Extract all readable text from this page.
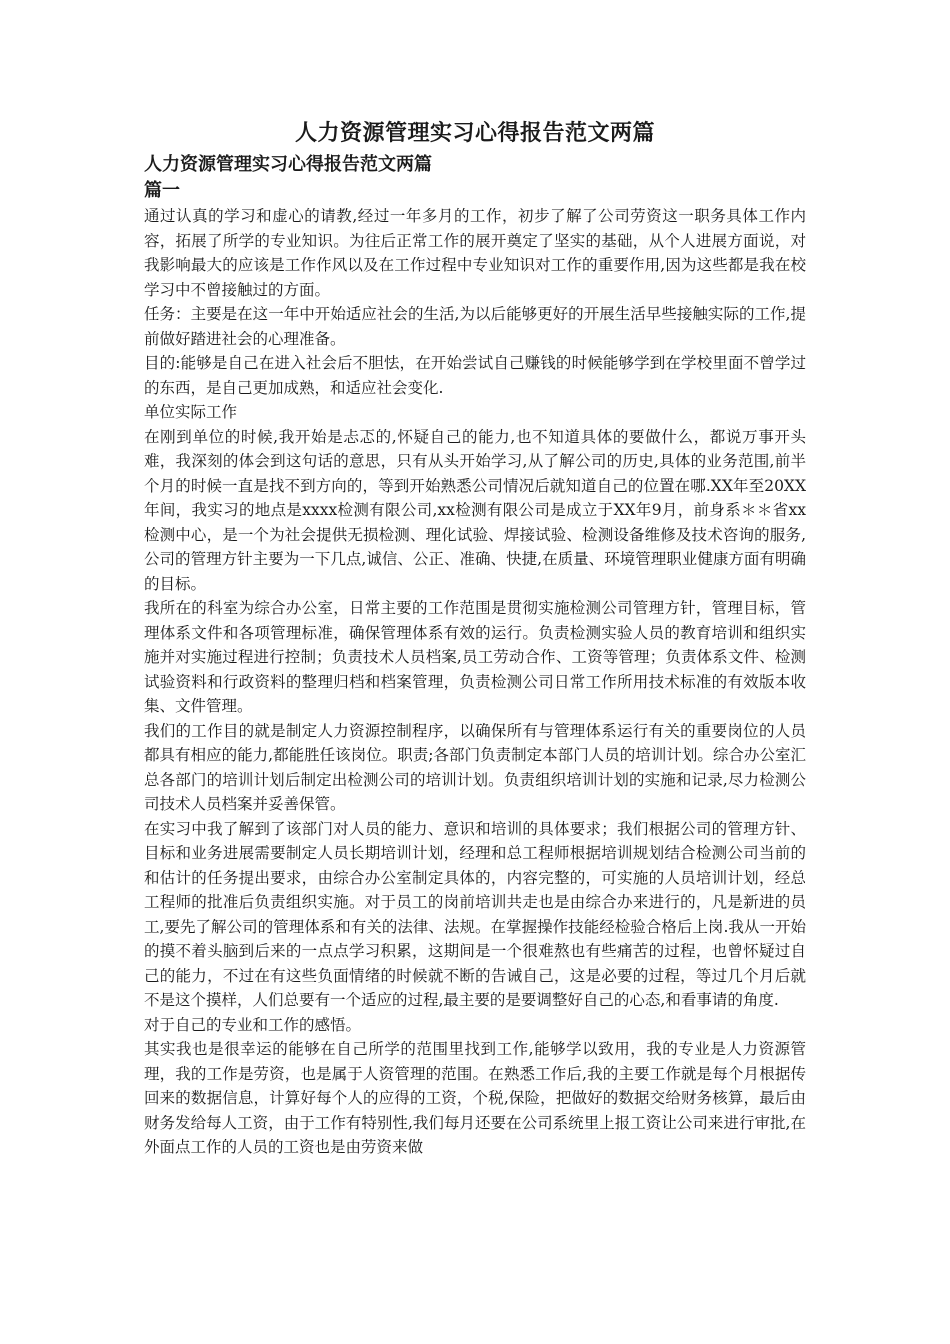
人力资源管理实习心得报告范文两篇
人力资源管理实习心得报告范文两篇
篇一

通过认真的学习和虚心的请教,经过一年多月的工作，初步了解了公司劳资这一职务具体工作内容，拓展了所学的专业知识。为往后正常工作的展开奠定了坚实的基础，从个人进展方面说，对我影响最大的应该是工作作风以及在工作过程中专业知识对工作的重要作用,因为这些都是我在校学习中不曾接触过的方面。

任务：主要是在这一年中开始适应社会的生活,为以后能够更好的开展生活早些接触实际的工作,提前做好踏进社会的心理准备。

目的:能够是自己在进入社会后不胆怯，在开始尝试自己赚钱的时候能够学到在学校里面不曾学过的东西，是自己更加成熟，和适应社会变化.

单位实际工作

在刚到单位的时候,我开始是忐忑的,怀疑自己的能力,也不知道具体的要做什么，都说万事开头难，我深刻的体会到这句话的意思，只有从头开始学习,从了解公司的历史,具体的业务范围,前半个月的时候一直是找不到方向的，等到开始熟悉公司情况后就知道自己的位置在哪.XX年至20XX年间，我实习的地点是xxxx检测有限公司,xx检测有限公司是成立于XX年9月，前身系＊＊省xx检测中心，是一个为社会提供无损检测、理化试验、焊接试验、检测设备维修及技术咨询的服务,公司的管理方针主要为一下几点,诚信、公正、准确、快捷,在质量、环境管理职业健康方面有明确的目标。

我所在的科室为综合办公室，日常主要的工作范围是贯彻实施检测公司管理方针，管理目标，管理体系文件和各项管理标准，确保管理体系有效的运行。负责检测实验人员的教育培训和组织实施并对实施过程进行控制；负责技术人员档案,员工劳动合作、工资等管理；负责体系文件、检测试验资料和行政资料的整理归档和档案管理，负责检测公司日常工作所用技术标准的有效版本收集、文件管理。

我们的工作目的就是制定人力资源控制程序，以确保所有与管理体系运行有关的重要岗位的人员都具有相应的能力,都能胜任该岗位。职责;各部门负责制定本部门人员的培训计划。综合办公室汇总各部门的培训计划后制定出检测公司的培训计划。负责组织培训计划的实施和记录,尽力检测公司技术人员档案并妥善保管。

在实习中我了解到了该部门对人员的能力、意识和培训的具体要求；我们根据公司的管理方针、目标和业务进展需要制定人员长期培训计划，经理和总工程师根据培训规划结合检测公司当前的和估计的任务提出要求，由综合办公室制定具体的，内容完整的，可实施的人员培训计划，经总工程师的批准后负责组织实施。对于员工的岗前培训共走也是由综合办来进行的，凡是新进的员工,要先了解公司的管理体系和有关的法律、法规。在掌握操作技能经检验合格后上岗.我从一开始的摸不着头脑到后来的一点点学习积累，这期间是一个很难熬也有些痛苦的过程，也曾怀疑过自己的能力，不过在有这些负面情绪的时候就不断的告诫自己，这是必要的过程，等过几个月后就不是这个摸样，人们总要有一个适应的过程,最主要的是要调整好自己的心态,和看事请的角度.

对于自己的专业和工作的感悟。

其实我也是很幸运的能够在自己所学的范围里找到工作,能够学以致用，我的专业是人力资源管理，我的工作是劳资，也是属于人资管理的范围。在熟悉工作后,我的主要工作就是每个月根据传回来的数据信息，计算好每个人的应得的工资，个税,保险，把做好的数据交给财务核算，最后由财务发给每人工资，由于工作有特别性,我们每月还要在公司系统里上报工资让公司来进行审批,在外面点工作的人员的工资也是由劳资来做
